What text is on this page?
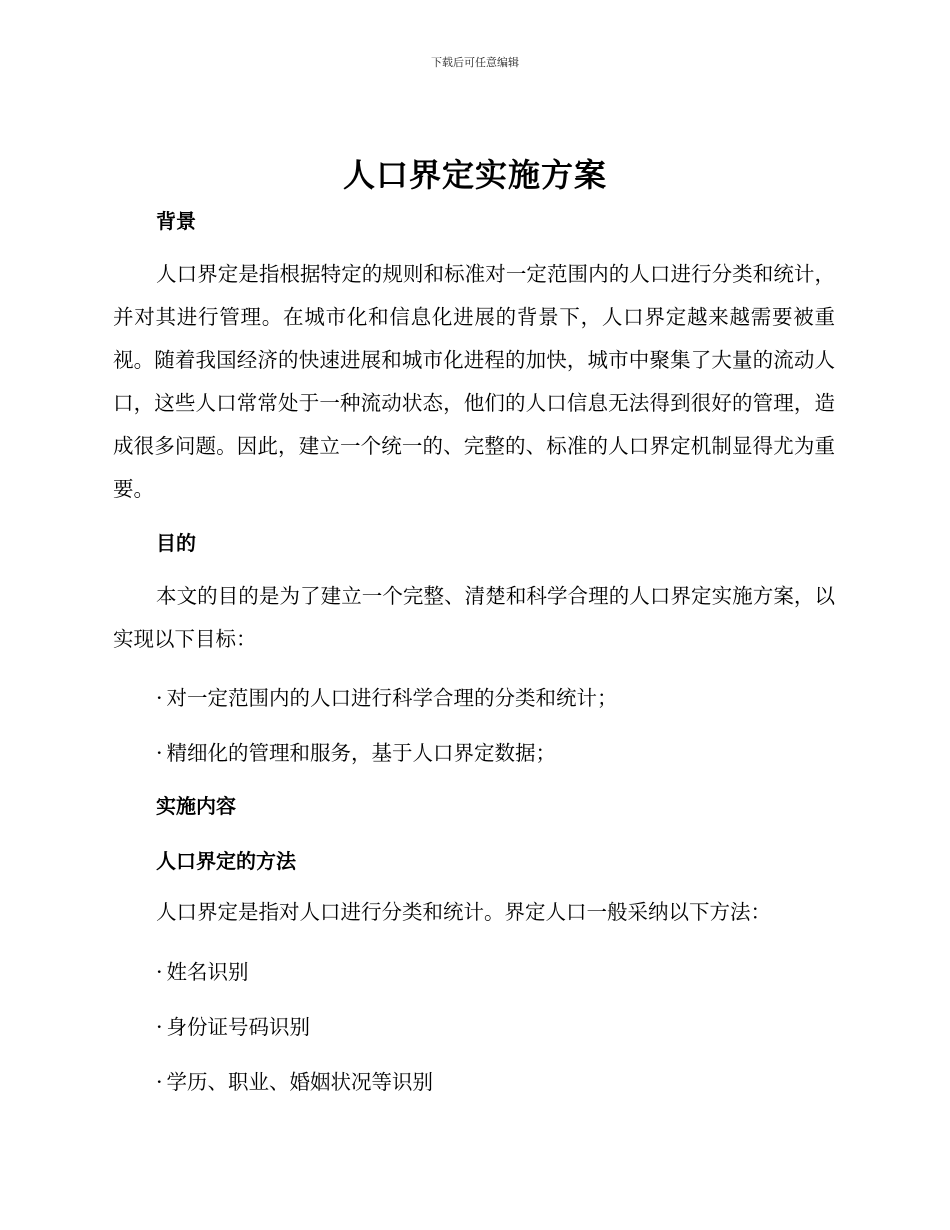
下载后可任意编辑
人口界定实施方案
背景
人口界定是指根据特定的规则和标准对一定范围内的人口进行分类和统计，并对其进行管理。在城市化和信息化进展的背景下，人口界定越来越需要被重视。随着我国经济的快速进展和城市化进程的加快，城市中聚集了大量的流动人口，这些人口常常处于一种流动状态，他们的人口信息无法得到很好的管理，造成很多问题。因此，建立一个统一的、完整的、标准的人口界定机制显得尤为重要。
目的
本文的目的是为了建立一个完整、清楚和科学合理的人口界定实施方案，以实现以下目标：
· 对一定范围内的人口进行科学合理的分类和统计；
· 精细化的管理和服务，基于人口界定数据；
实施内容
人口界定的方法
人口界定是指对人口进行分类和统计。界定人口一般采纳以下方法：
· 姓名识别
· 身份证号码识别
· 学历、职业、婚姻状况等识别
